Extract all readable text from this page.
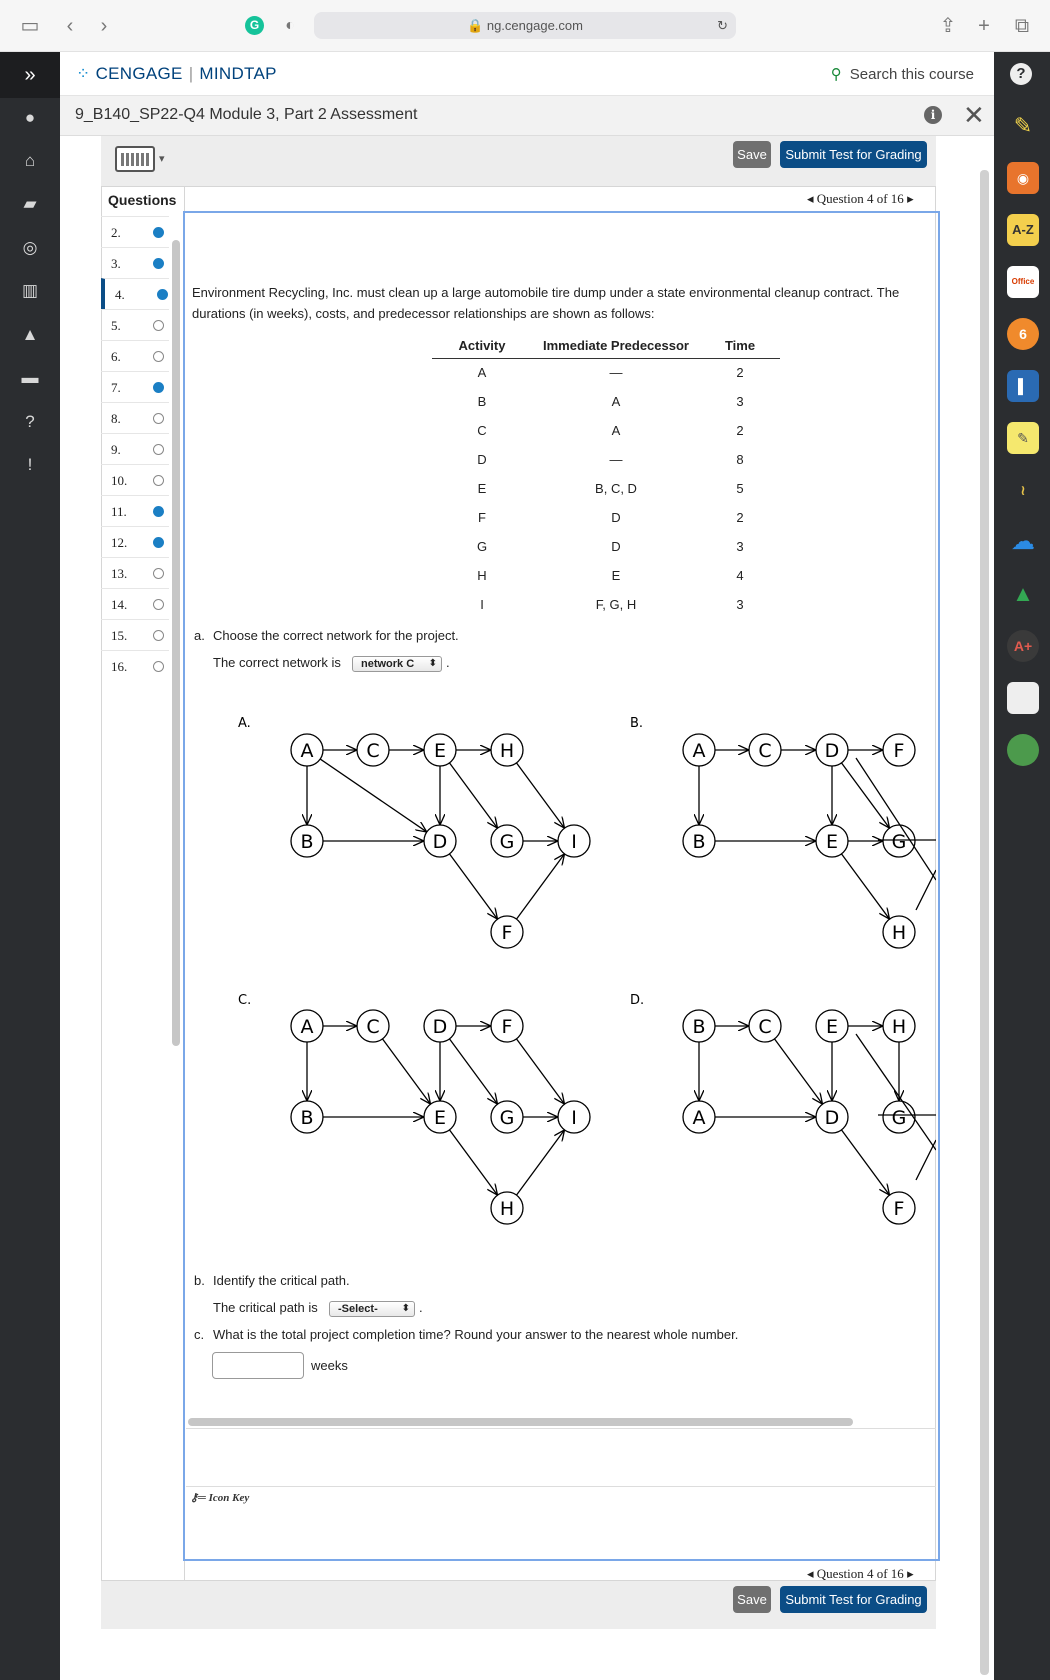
▭	‹	›	G	◐	🔒 ng.cengage.com	↻	⇪	+	⧉
»
●
⌂
▰
◎
▥
▲
▬
?
!
?
✎
◉
A-Z
Office
6
▌
✎
≀
☁
▲
A+
⁘ CENGAGE | MINDTAP	⚲ Search this course
9_B140_SP22-Q4 Module 3, Part 2 Assessment	i ✕
▾
Save	Submit Test for Grading
Questions
2.
3.
4.
5.
6.
7.
8.
9.
10.
11.
12.
13.
14.
15.
16.
◂ Question 4 of 16 ▸
Environment Recycling, Inc. must clean up a large automobile tire dump under a state environmental cleanup contract. The
durations (in weeks), costs, and predecessor relationships are shown as follows:
Activity	Immediate Predecessor	Time
A	—	2
B	A	3
C	A	2
D	—	8
E	B, C, D	5
F	D	2
G	D	3
H	E	4
I	F, G, H	3
a. Choose the correct network for the project.
The correct network is	network C ⬍	.
A.	B.
C.	D.
A	C	E	H
B	D	G	I
F
A	C	D	F
B	E	G
H
A	C	D	F
B	E	G	I
H
B	C	E	H
A	D	G
F
b. Identify the critical path.
The critical path is	-Select- ⬍	.
c. What is the total project completion time? Round your answer to the nearest whole number.
weeks
⚷═ Icon Key
◂ Question 4 of 16 ▸
Save	Submit Test for Grading
